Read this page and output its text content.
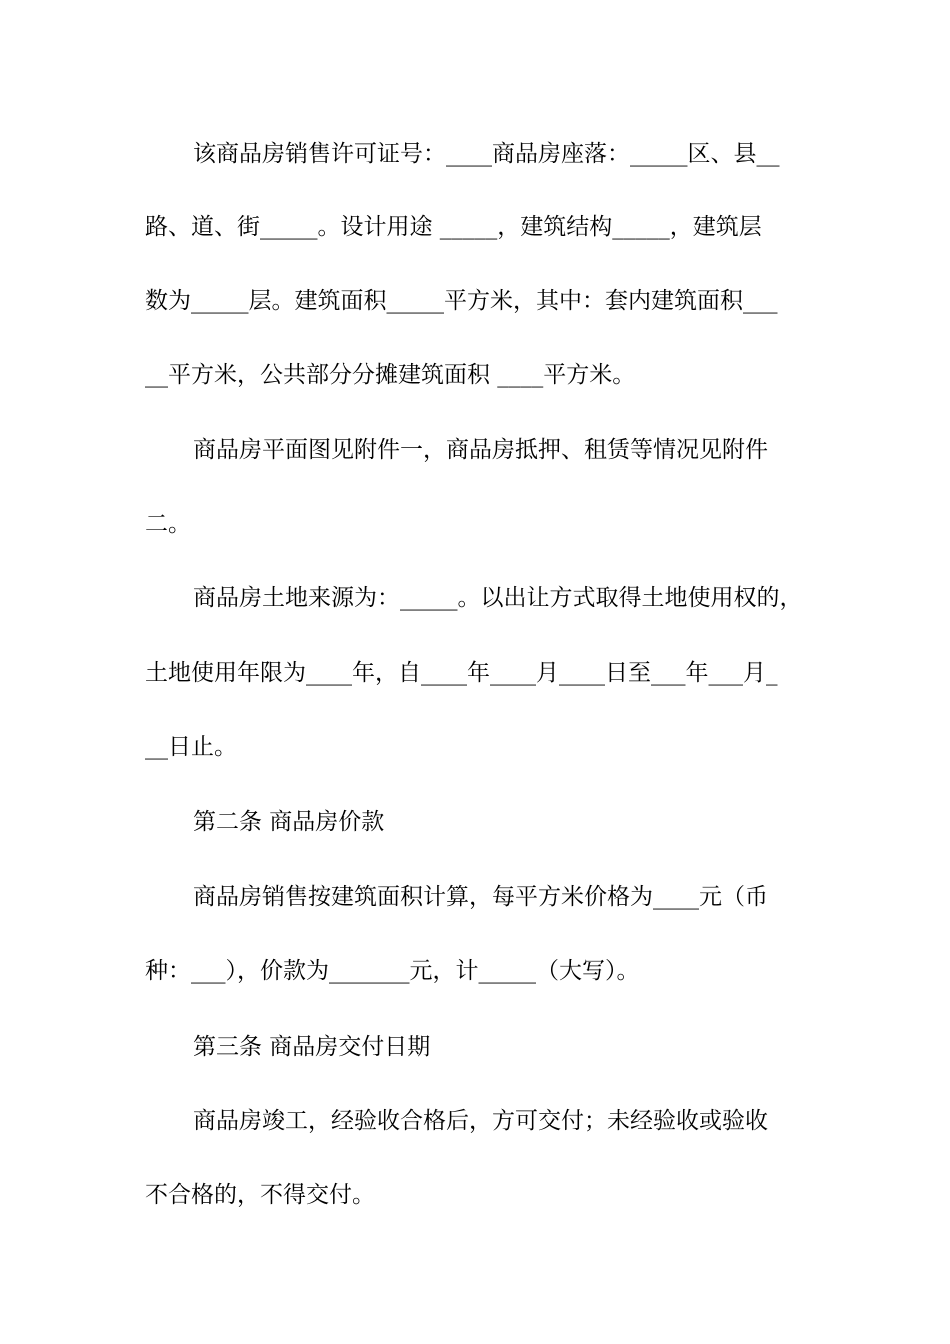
该商品房销售许可证号：____商品房座落：_____区、县__
路、道、街_____。设计用途 _____，建筑结构_____，建筑层
数为_____层。建筑面积_____平方米，其中：套内建筑面积___
__平方米，公共部分分摊建筑面积 ____平方米。
商品房平面图见附件一，商品房抵押、租赁等情况见附件
二。
商品房土地来源为：_____。以出让方式取得土地使用权的，
土地使用年限为____年，自____年____月____日至___年___月_
__日止。
第二条 商品房价款
商品房销售按建筑面积计算，每平方米价格为____元（币
种：___），价款为_______元，计_____（大写）。
第三条 商品房交付日期
商品房竣工，经验收合格后，方可交付；未经验收或验收
不合格的，不得交付。
